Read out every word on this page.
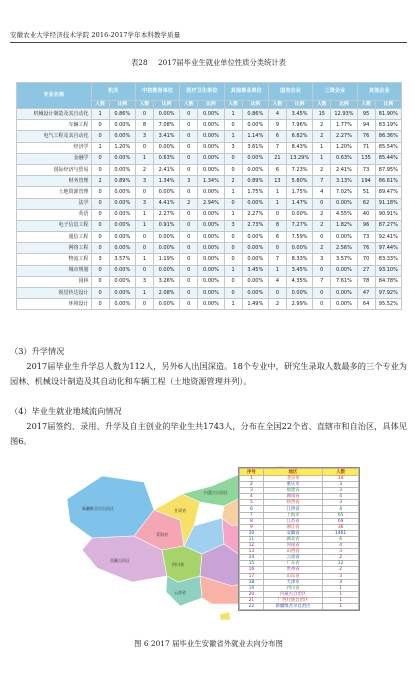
安徽农业大学经济技术学院 2016-2017学年本科教学质量
表28 2017届毕业生就业单位性质分类统计表
专业名称	机关		中初教育单位		医疗卫生单位		其他事业单位		国有企业		三资企业		其他企业	
	人数	比例	人数	比例	人数	比例	人数	比例	人数	比例	人数	比例	人数	比例
机械设计制造及其自动化	1	0.86%	0	0.00%	0	0.00%	1	0.86%	4	3.45%	15	12.93%	95	81.90%
车辆工程	0	0.00%	8	7.08%	0	0.00%	0	0.00%	9	7.96%	2	1.77%	94	83.19%
电气工程及其自动化	0	0.00%	3	3.41%	0	0.00%	1	1.14%	6	6.82%	2	2.27%	76	86.36%
经济学	1	1.20%	0	0.00%	0	0.00%	3	3.61%	7	8.43%	1	1.20%	71	85.54%
金融学	0	0.00%	1	0.63%	0	0.00%	0	0.00%	21	13.29%	1	0.63%	135	85.44%
国际经济与贸易	0	0.00%	2	2.41%	0	0.00%	0	0.00%	6	7.23%	2	2.41%	73	87.95%
财务管理	2	0.89%	3	1.34%	3	1.34%	2	0.89%	13	5.80%	7	3.13%	194	86.61%
土地资源管理	0	0.00%	0	0.00%	0	0.00%	1	1.75%	1	1.75%	4	7.02%	51	89.47%
法学	0	0.00%	3	4.41%	2	2.94%	0	0.00%	1	1.47%	0	0.00%	62	91.18%
英语	0	0.00%	1	2.27%	0	0.00%	1	2.27%	0	0.00%	2	4.55%	40	90.91%
电子信息工程	0	0.00%	1	0.91%	0	0.00%	3	2.73%	8	7.27%	2	1.82%	96	87.27%
通信工程	0	0.00%	0	0.00%	0	0.00%	0	0.00%	6	7.59%	0	0.00%	73	92.41%
网络工程	0	0.00%	0	0.00%	0	0.00%	0	0.00%	0	0.00%	2	2.56%	76	97.44%
物流工程	3	3.57%	1	1.19%	0	0.00%	0	0.00%	7	8.33%	3	3.57%	70	83.33%
城市规划	0	0.00%	0	0.00%	0	0.00%	1	3.45%	1	3.45%	0	0.00%	27	93.10%
园林	0	0.00%	3	3.26%	0	0.00%	0	0.00%	4	4.35%	7	7.61%	78	84.78%
视觉传达设计	0	0.00%	1	2.08%	0	0.00%	0	0.00%	0	0.00%	0	0.00%	47	97.92%
环境设计	0	0.00%	0	0.00%	0	0.00%	1	1.49%	2	2.99%	0	0.00%	64	95.52%
（3）升学情况
2017届毕业生升学总人数为112人，另外6人出国深造。18个专业中，研究生录取人数最多的三个专业为园林、机械设计制造及其自动化和车辆工程（土地资源管理并列）。
（4）毕业生就业地域流向情况
2017届签约、录用、升学及自主创业的毕业生共1743人，分布在全国22个省、直辖市和自治区，具体见图6。
新疆维吾尔自治区
西藏自治区
青海省
甘肃省
内蒙古自治区
四川省
云南省
序号	地区	人数
1	北京市	14
2	重庆市	3
3	福建省	3
4	湖南省	4
5	陕西省	3
6	江西省	4
7	上海市	65
8	江苏省	69
9	浙江省	36
10	安徽省	1461
11	湖北省	6
12	河南省	4
13	山西省	3
14	云南省	2
15	广东省	12
16	贵州省	2
17	山东省	3
18	天津市	3
19	四川省	1
20	内蒙古自治区	1
21	广西壮族自治区	1
22	新疆维吾尔自治区	1
图 6 2017 届毕业生安徽省外就业去向分布图
